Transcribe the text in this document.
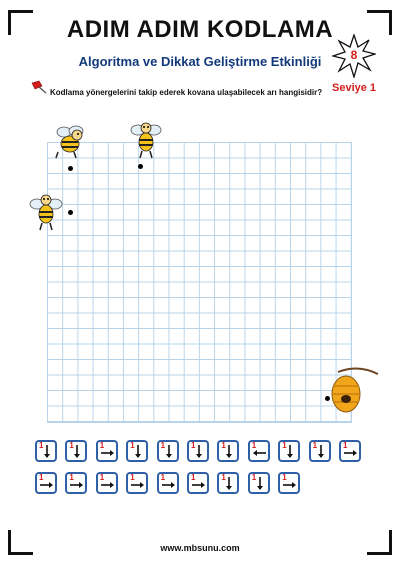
ADIM ADIM KODLAMA
Algoritma ve Dikkat Geliştirme Etkinliği	8
Seviye 1
Kodlama yönergelerini takip ederek kovana ulaşabilecek arı hangisidir?
1	1	1	1	1	1	1	1	1	1	1
1	1	1	1	1	1	1	1	1
www.mbsunu.com
